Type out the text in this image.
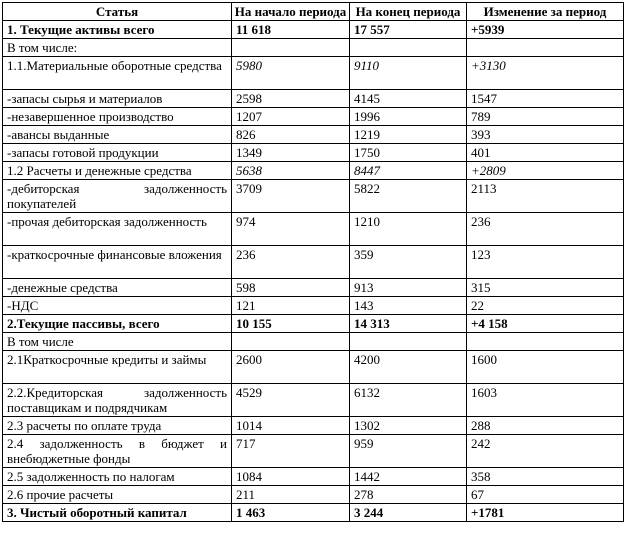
Статья	На начало периода	На конец периода	Изменение за период
1. Текущие активы всего	11 618	17 557	+5939
В том числе:			
1.1.Материальные оборотные средства	5980	9110	+3130
-запасы сырья и материалов	2598	4145	1547
-незавершенное производство	1207	1996	789
-авансы выданные	826	1219	393
-запасы готовой продукции	1349	1750	401
1.2 Расчеты и денежные средства	5638	8447	+2809
-дебиторская задолженность покупателей	3709	5822	2113
-прочая дебиторская задолженность	974	1210	236
-краткосрочные финансовые вложения	236	359	123
-денежные средства	598	913	315
-НДС	121	143	22
2.Текущие пассивы, всего	10 155	14 313	+4 158
В том числе			
2.1Краткосрочные кредиты и займы	2600	4200	1600
2.2.Кредиторская задолженность поставщикам и подрядчикам	4529	6132	1603
2.3 расчеты по оплате труда	1014	1302	288
2.4 задолженность в бюджет и внебюджетные фонды	717	959	242
2.5 задолженность по налогам	1084	1442	358
2.6 прочие расчеты	211	278	67
3. Чистый оборотный капитал	1 463	3 244	+1781
